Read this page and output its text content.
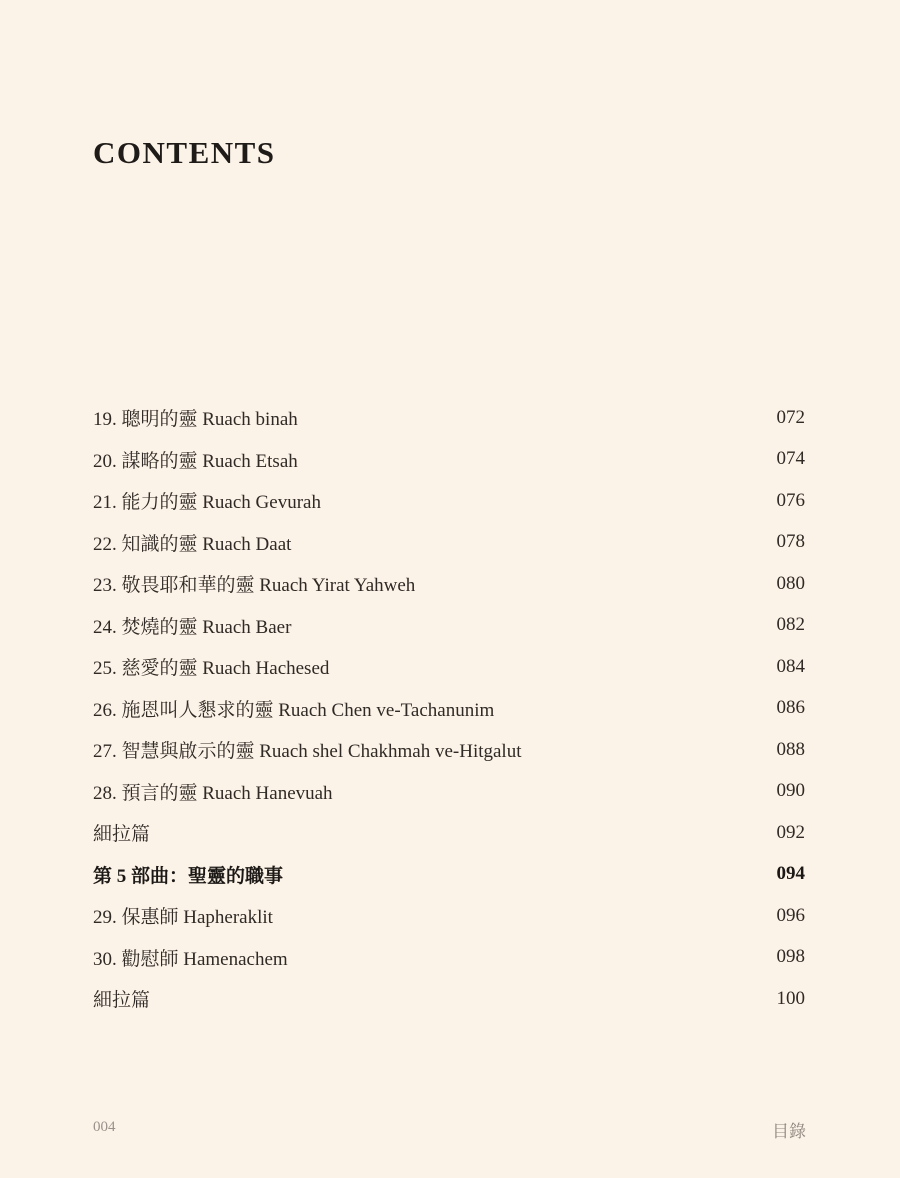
CONTENTS
19. 聰明的靈 Ruach binah	072
20. 謀略的靈 Ruach Etsah	074
21. 能力的靈 Ruach Gevurah	076
22. 知識的靈 Ruach Daat	078
23. 敬畏耶和華的靈 Ruach Yirat Yahweh	080
24. 焚燒的靈 Ruach Baer	082
25. 慈愛的靈 Ruach Hachesed	084
26. 施恩叫人懇求的靈 Ruach Chen ve-Tachanunim	086
27. 智慧與啟示的靈 Ruach shel Chakhmah ve-Hitgalut	088
28. 預言的靈 Ruach Hanevuah	090
細拉篇	092
第 5 部曲：聖靈的職事	094
29. 保惠師 Hapheraklit	096
30. 勸慰師 Hamenachem	098
細拉篇	100
004	目錄
